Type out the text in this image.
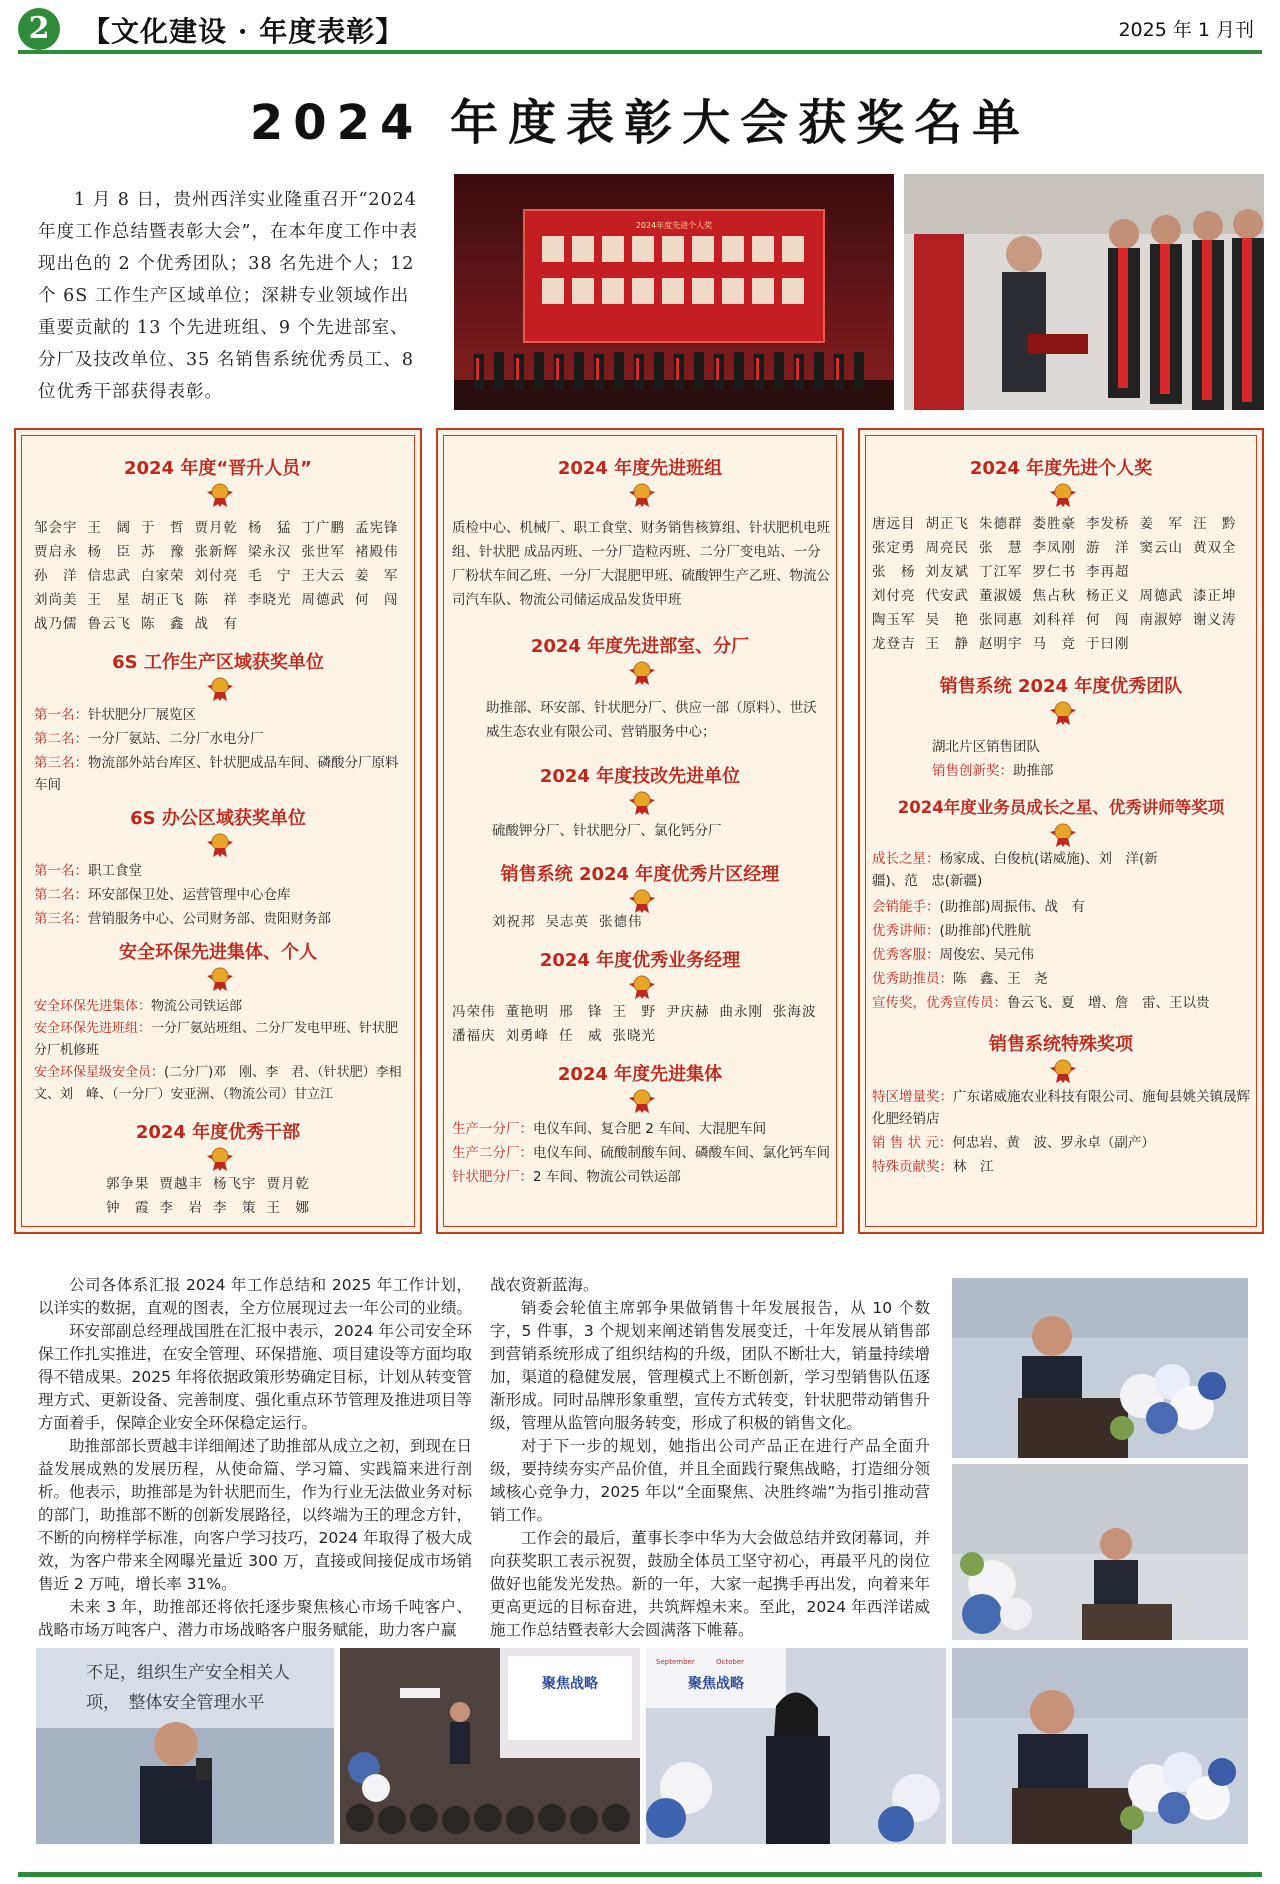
2	【文化建设 · 年度表彰】	2025 年 1 月刊
2024 年度表彰大会获奖名单
1 月 8 日，贵州西洋实业隆重召开“2024 年度工作总结暨表彰大会”，在本年度工作中表现出色的 2 个优秀团队；38 名先进个人；12 个 6S 工作生产区域单位；深耕专业领域作出重要贡献的 13 个先进班组、9 个先进部室、分厂及技改单位、35 名销售系统优秀员工、8 位优秀干部获得表彰。
2024年度先进个人奖
2024 年度“晋升人员”
邹会宇 王　阔 于　哲 贾月乾 杨　猛 丁广鹏 孟宪锋
贾启永 杨　臣 苏　豫 张新辉 梁永汉 张世军 褚殿伟
孙　洋 信忠武 白家荣 刘付亮 毛　宁 王大云 姜　军
刘尚美 王　星 胡正飞 陈　祥 李晓光 周德武 何　闯
战乃儒 鲁云飞 陈　鑫 战　有
6S 工作生产区域获奖单位
第一名：针状肥分厂展览区
第二名：一分厂氨站、二分厂水电分厂
第三名：物流部外站台库区、针状肥成品车间、磷酸分厂原料车间
6S 办公区域获奖单位
第一名：职工食堂
第二名：环安部保卫处、运营管理中心仓库
第三名：营销服务中心、公司财务部、贵阳财务部
安全环保先进集体、个人
安全环保先进集体：物流公司铁运部
安全环保先进班组：一分厂氨站班组、二分厂发电甲班、针状肥分厂机修班
安全环保星级安全员：(二分厂)邓　刚、李　君、（针状肥）李相文、刘　峰、（一分厂）安亚洲、（物流公司）甘立江
2024 年度优秀干部
郭争果 贾越丰 杨飞宇 贾月乾
钟　霞 李　岩 李　策 王　娜
2024 年度先进班组
质检中心、机械厂、职工食堂、财务销售核算组、针状肥机电班组、针状肥 成品丙班、一分厂造粒丙班、二分厂变电站、一分厂粉状车间乙班、一分厂大混肥甲班、硫酸钾生产乙班、物流公司汽车队、物流公司储运成品发货甲班
2024 年度先进部室、分厂
助推部、环安部、针状肥分厂、供应一部（原料）、世沃威生态农业有限公司、营销服务中心；
2024 年度技改先进单位
硫酸钾分厂、针状肥分厂、氯化钙分厂
销售系统 2024 年度优秀片区经理
刘祝邦 吴志英 张德伟
2024 年度优秀业务经理
冯荣伟 董艳明 邢　锋 王　野 尹庆赫 曲永刚 张海波
潘福庆 刘勇峰 任　威 张晓光
2024 年度先进集体
生产一分厂：电仪车间、复合肥 2 车间、大混肥车间
生产二分厂：电仪车间、硫酸制酸车间、磷酸车间、氯化钙车间
针状肥分厂：2 车间、物流公司铁运部
2024 年度先进个人奖
唐远目 胡正飞 朱德群 娄胜豪 李发桥 姜　军 汪　黔
张定勇 周亮民 张　慧 李凤刚 游　洋 窦云山 黄双全
张　杨 刘友斌 丁江军 罗仁书 李再超
刘付亮 代安武 董淑媛 焦占秋 杨正义 周德武 漆正坤
陶玉军 吴　艳 张同惠 刘科祥 何　闯 南淑婷 谢义涛
龙登吉 王　静 赵明宇 马　竞 于曰刚
销售系统 2024 年度优秀团队
湖北片区销售团队
销售创新奖：助推部
2024年度业务员成长之星、优秀讲师等奖项
成长之星：杨家成、白俊杭(诺威施)、刘　洋(新疆)、范　忠(新疆)
会销能手：(助推部)周振伟、战　有
优秀讲师：(助推部)代胜航
优秀客服：周俊宏、吴元伟
优秀助推员：陈　鑫、王　尧
宣传奖，优秀宣传员：鲁云飞、夏　增、詹　雷、王以贵
销售系统特殊奖项
特区增量奖：广东诺威施农业科技有限公司、施甸县姚关镇晟辉化肥经销店
销 售 状 元：何忠岩、黄　波、罗永卓（副产）
特殊贡献奖：林　江

公司各体系汇报 2024 年工作总结和 2025 年工作计划，以详实的数据，直观的图表，全方位展现过去一年公司的业绩。

环安部副总经理战国胜在汇报中表示，2024 年公司安全环保工作扎实推进，在安全管理、环保措施、项目建设等方面均取得不错成果。2025 年将依据政策形势确定目标，计划从转变管理方式、更新设备、完善制度、强化重点环节管理及推进项目等方面着手，保障企业安全环保稳定运行。

助推部部长贾越丰详细阐述了助推部从成立之初，到现在日益发展成熟的发展历程，从使命篇、学习篇、实践篇来进行剖析。他表示，助推部是为针状肥而生，作为行业无法做业务对标的部门，助推部不断的创新发展路径，以终端为王的理念方针，不断的向榜样学标准，向客户学习技巧，2024 年取得了极大成效，为客户带来全网曝光量近 300 万，直接或间接促成市场销售近 2 万吨，增长率 31%。

未来 3 年，助推部还将依托逐步聚焦核心市场千吨客户、战略市场万吨客户、潜力市场战略客户服务赋能，助力客户赢

战农资新蓝海。

销委会轮值主席郭争果做销售十年发展报告，从 10 个数字，5 件事，3 个规划来阐述销售发展变迁，十年发展从销售部到营销系统形成了组织结构的升级，团队不断壮大，销量持续增加，渠道的稳健发展，管理模式上不断创新，学习型销售队伍逐渐形成。同时品牌形象重塑，宣传方式转变，针状肥带动销售升级，管理从监管向服务转变，形成了积极的销售文化。

对于下一步的规划，她指出公司产品正在进行产品全面升级，要持续夯实产品价值，并且全面践行聚焦战略，打造细分领域核心竞争力，2025 年以“全面聚焦、决胜终端”为指引推动营销工作。

工作会的最后，董事长李中华为大会做总结并致闭幕词，并向获奖职工表示祝贺，鼓励全体员工坚守初心，再最平凡的岗位做好也能发光发热。新的一年，大家一起携手再出发，向着来年更高更远的目标奋进，共筑辉煌未来。至此，2024 年西洋诺威施工作总结暨表彰大会圆满落下帷幕。

不足，组织生产安全相关人
项，　整体安全管理水平
聚焦战略
September	October
聚焦战略
